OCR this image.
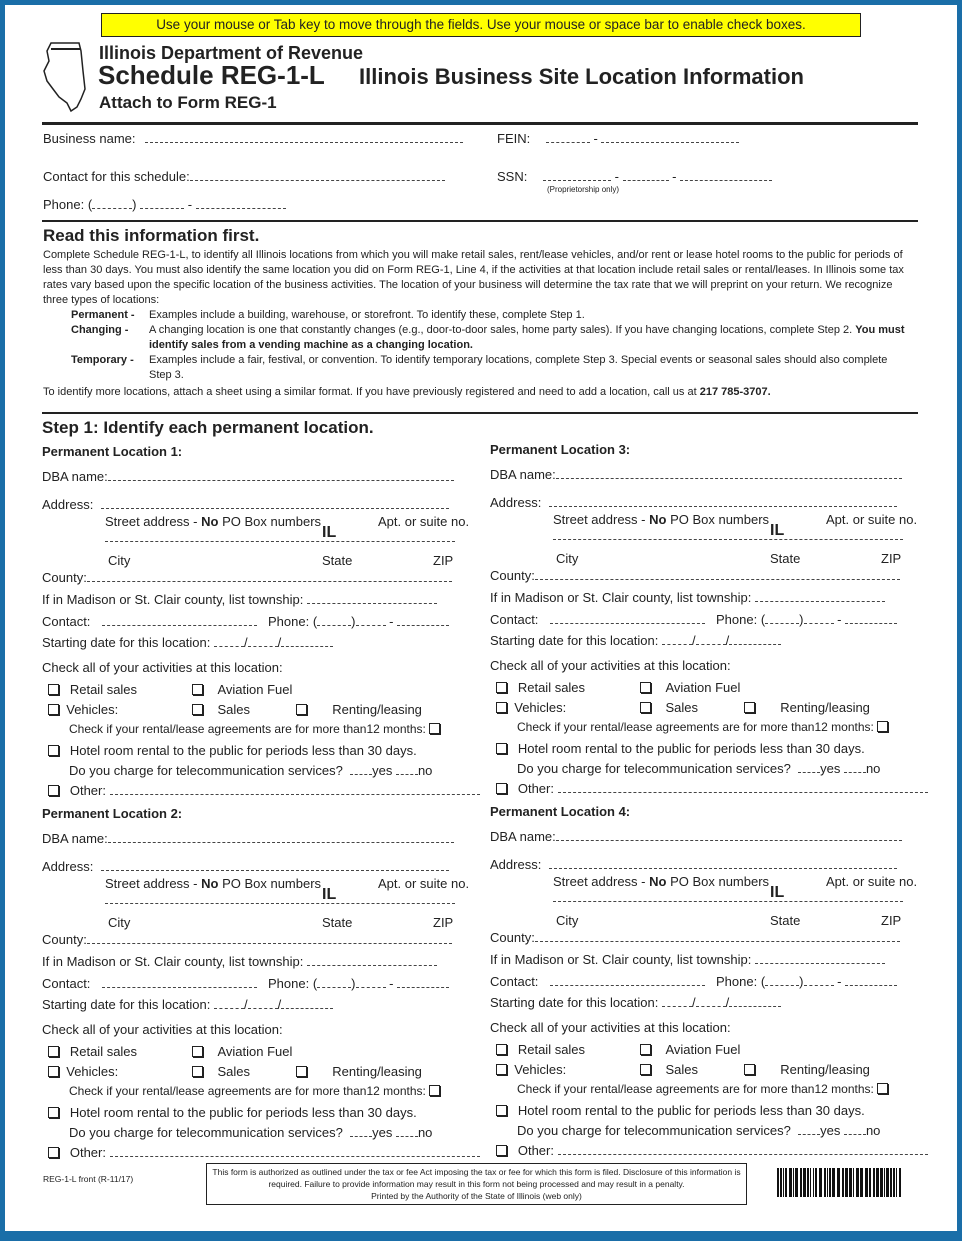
Use your mouse or Tab key to move through the fields. Use your mouse or space bar to enable check boxes.
Illinois Department of Revenue
Schedule REG-1-L Illinois Business Site Location Information
Attach to Form REG-1
Business name:	FEIN:	-
Contact for this schedule:	SSN:	-	-
(Proprietorship only)
Phone: (	)	-
Read this information first.
Complete Schedule REG-1-L, to identify all Illinois locations from which you will make retail sales, rent/lease vehicles, and/or rent or lease hotel rooms to the public for periods of less than 30 days. You must also identify the same location you did on Form REG-1, Line 4, if the activities at that location include retail sales or rental/leases. In Illinois some tax rates vary based upon the specific location of the business activities. The location of your business will determine the tax rate that we will preprint on your return. We recognize three types of locations:
Permanent -	Examples include a building, warehouse, or storefront. To identify these, complete Step 1.
Changing -	A changing location is one that constantly changes (e.g., door-to-door sales, home party sales). If you have changing locations, complete Step 2. You must identify sales from a vending machine as a changing location.
Temporary -	Examples include a fair, festival, or convention. To identify temporary locations, complete Step 3. Special events or seasonal sales should also complete Step 3.
To identify more locations, attach a sheet using a similar format. If you have previously registered and need to add a location, call us at 217 785-3707.
Step 1: Identify each permanent location.
Permanent Location 1:
DBA name:
Address:
Street address - No PO Box numbers	Apt. or suite no.
IL
City	State	ZIP
County:
If in Madison or St. Clair county, list township:
Contact:	Phone: (	) -
Starting date for this location:	/ /
Check all of your activities at this location:
Retail sales	Aviation Fuel
Vehicles:	Sales	Renting/leasing
Check if your rental/lease agreements are for more than12 months:
Hotel room rental to the public for periods less than 30 days.
Do you charge for telecommunication services? yes no
Other:
Permanent Location 2:
DBA name:
Address:
Street address - No PO Box numbers	Apt. or suite no.
IL
City	State	ZIP
County:
If in Madison or St. Clair county, list township:
Contact:	Phone: (	) -
Starting date for this location:	/ /
Check all of your activities at this location:
Retail sales	Aviation Fuel
Vehicles:	Sales	Renting/leasing
Check if your rental/lease agreements are for more than12 months:
Hotel room rental to the public for periods less than 30 days.
Do you charge for telecommunication services? yes no
Other:
Permanent Location 3:
DBA name:
Address:
Street address - No PO Box numbers	Apt. or suite no.
IL
City	State	ZIP
County:
If in Madison or St. Clair county, list township:
Contact:	Phone: (	) -
Starting date for this location:	/ /
Check all of your activities at this location:
Retail sales	Aviation Fuel
Vehicles:	Sales	Renting/leasing
Check if your rental/lease agreements are for more than12 months:
Hotel room rental to the public for periods less than 30 days.
Do you charge for telecommunication services? yes no
Other:
Permanent Location 4:
DBA name:
Address:
Street address - No PO Box numbers	Apt. or suite no.
IL
City	State	ZIP
County:
If in Madison or St. Clair county, list township:
Contact:	Phone: (	) -
Starting date for this location:	/ /
Check all of your activities at this location:
Retail sales	Aviation Fuel
Vehicles:	Sales	Renting/leasing
Check if your rental/lease agreements are for more than12 months:
Hotel room rental to the public for periods less than 30 days.
Do you charge for telecommunication services? yes no
Other:
REG-1-L front (R-11/17)
This form is authorized as outlined under the tax or fee Act imposing the tax or fee for which this form is filed. Disclosure of this information is required. Failure to provide information may result in this form not being processed and may result in a penalty.
Printed by the Authority of the State of Illinois (web only)
